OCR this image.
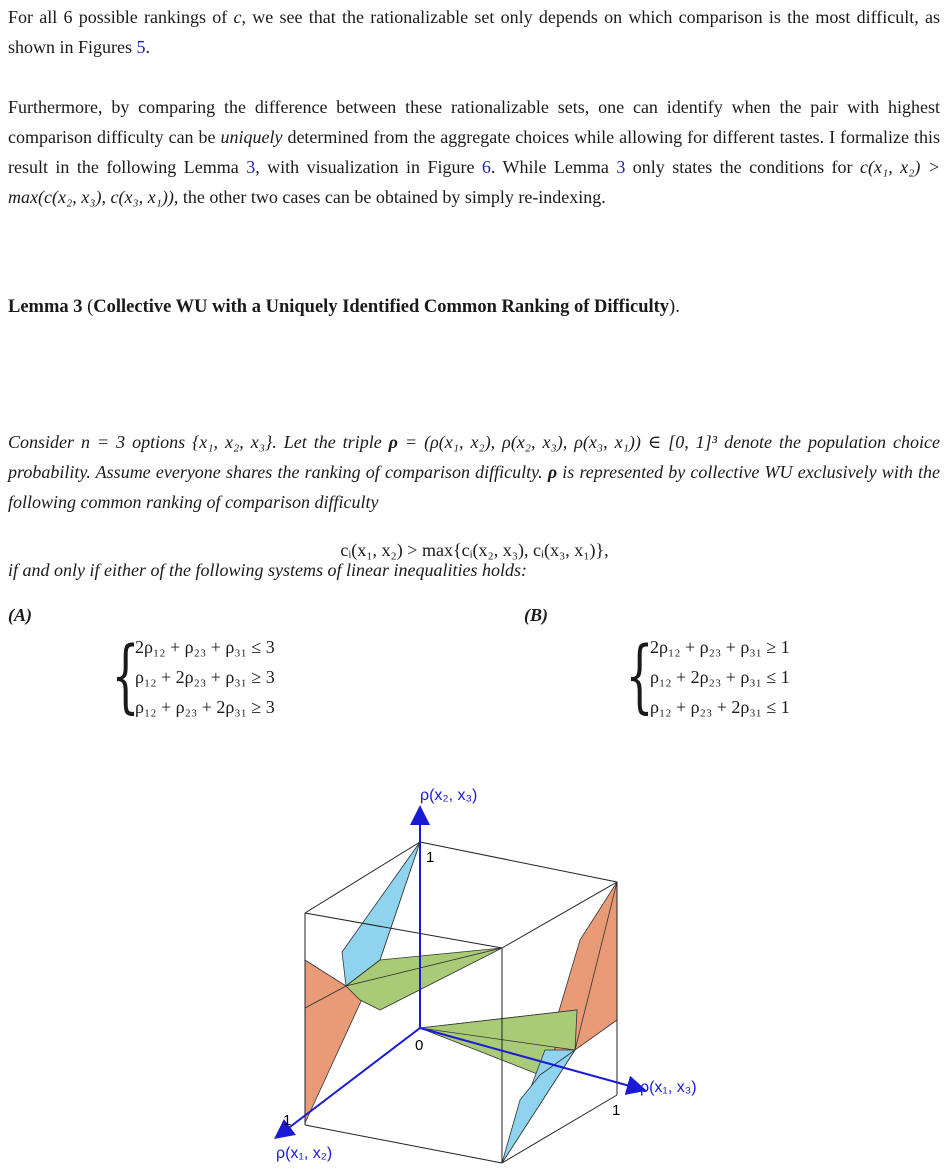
For all 6 possible rankings of c, we see that the rationalizable set only depends on which comparison is the most difficult, as shown in Figures 5.

Furthermore, by comparing the difference between these rationalizable sets, one can identify when the pair with highest comparison difficulty can be uniquely determined from the aggregate choices while allowing for different tastes. I formalize this result in the following Lemma 3, with visualization in Figure 6. While Lemma 3 only states the conditions for c(x₁, x₂) > max(c(x₂, x₃), c(x₃, x₁)), the other two cases can be obtained by simply re-indexing.

Lemma 3 (Collective WU with a Uniquely Identified Common Ranking of Difficulty).

Consider n = 3 options {x₁, x₂, x₃}. Let the triple ρ = (ρ(x₁, x₂), ρ(x₂, x₃), ρ(x₃, x₁)) ∈ [0, 1]³ denote the population choice probability. Assume everyone shares the ranking of comparison difficulty. ρ is represented by collective WU exclusively with the following common ranking of comparison difficulty

cᵢ(x₁, x₂) > max{cᵢ(x₂, x₃), cᵢ(x₃, x₁)},
if and only if either of the following systems of linear inequalities holds:
(A)	(B)
{
2ρ₁₂ + ρ₂₃ + ρ₃₁ ≤ 3
ρ₁₂ + 2ρ₂₃ + ρ₃₁ ≥ 3
ρ₁₂ + ρ₂₃ + 2ρ₃₁ ≥ 3	{
2ρ₁₂ + ρ₂₃ + ρ₃₁ ≥ 1
ρ₁₂ + 2ρ₂₃ + ρ₃₁ ≤ 1
ρ₁₂ + ρ₂₃ + 2ρ₃₁ ≤ 1
ρ(x₂, x₃)
ρ(x₁, x₃)
ρ(x₁, x₂)
1
1
1
0
